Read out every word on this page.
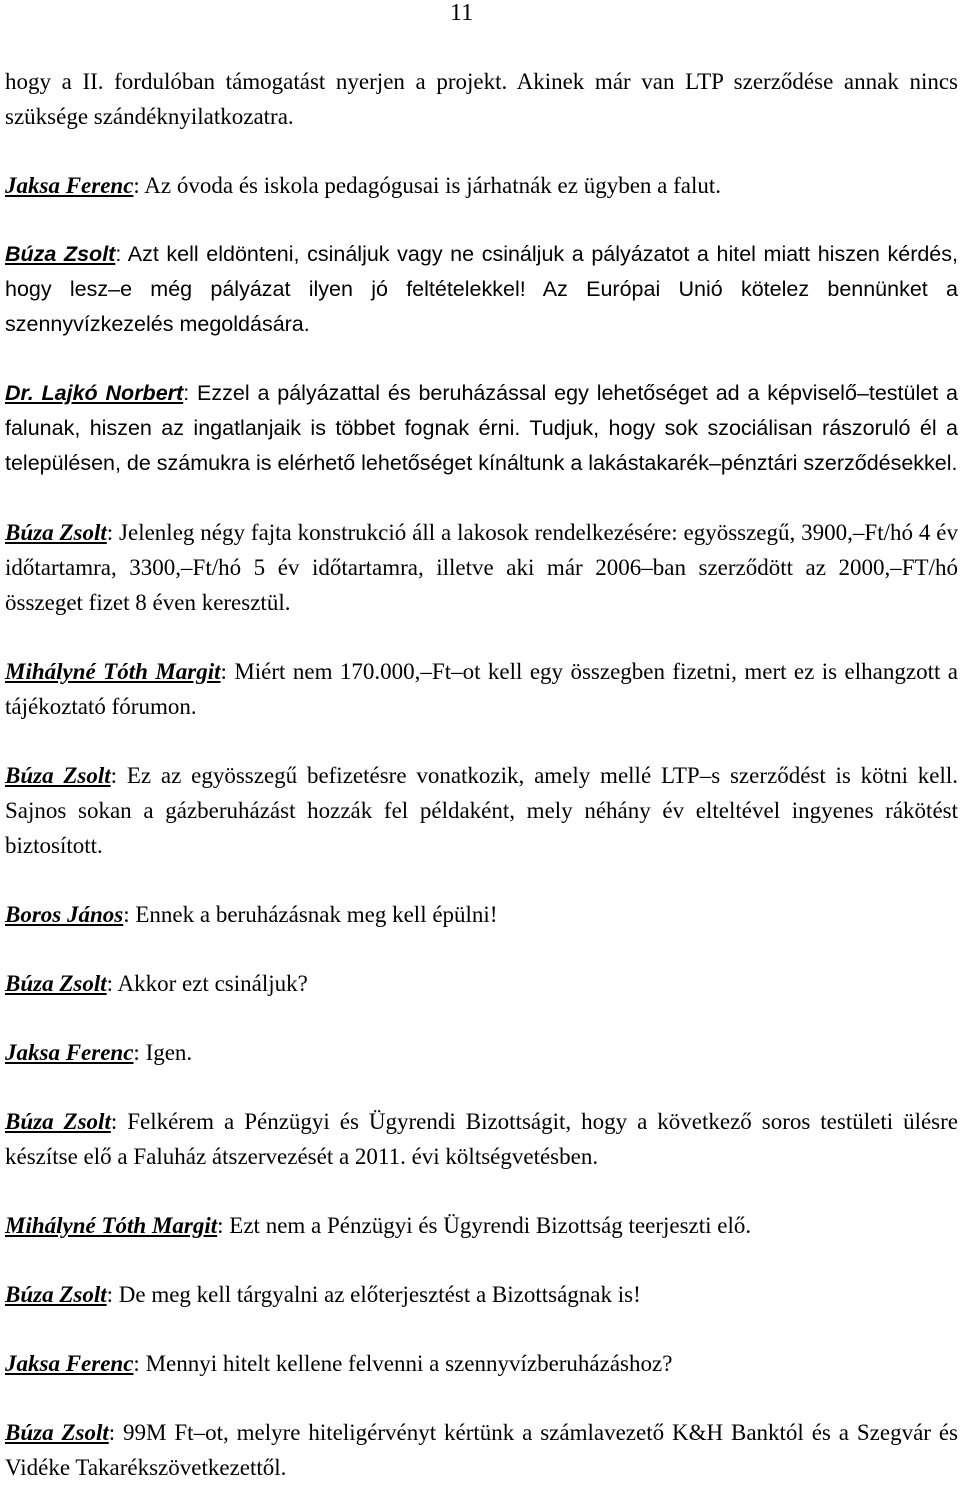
11

hogy a II. fordulóban támogatást nyerjen a projekt. Akinek már van LTP szerződése annak nincs szüksége szándéknyilatkozatra.

Jaksa Ferenc: Az óvoda és iskola pedagógusai is járhatnák ez ügyben a falut.

Búza Zsolt: Azt kell eldönteni, csináljuk vagy ne csináljuk a pályázatot a hitel miatt hiszen kérdés, hogy lesz–e még pályázat ilyen jó feltételekkel! Az Európai Unió kötelez bennünket a szennyvízkezelés megoldására.

Dr. Lajkó Norbert: Ezzel a pályázattal és beruházással egy lehetőséget ad a képviselő–testület a falunak, hiszen az ingatlanjaik is többet fognak érni. Tudjuk, hogy sok szociálisan rászoruló él a településen, de számukra is elérhető lehetőséget kínáltunk a lakástakarék–pénztári szerződésekkel.

Búza Zsolt: Jelenleg négy fajta konstrukció áll a lakosok rendelkezésére: egyösszegű, 3900,–Ft/hó 4 év időtartamra, 3300,–Ft/hó 5 év időtartamra, illetve aki már 2006–ban szerződött az 2000,–FT/hó összeget fizet 8 éven keresztül.

Mihályné Tóth Margit: Miért nem 170.000,–Ft–ot kell egy összegben fizetni, mert ez is elhangzott a tájékoztató fórumon.

Búza Zsolt: Ez az egyösszegű befizetésre vonatkozik, amely mellé LTP–s szerződést is kötni kell. Sajnos sokan a gázberuházást hozzák fel példaként, mely néhány év elteltével ingyenes rákötést biztosított.

Boros János: Ennek a beruházásnak meg kell épülni!

Búza Zsolt: Akkor ezt csináljuk?

Jaksa Ferenc: Igen.

Búza Zsolt: Felkérem a Pénzügyi és Ügyrendi Bizottságit, hogy a következő soros testületi ülésre készítse elő a Faluház átszervezését a 2011. évi költségvetésben.

Mihályné Tóth Margit: Ezt nem a Pénzügyi és Ügyrendi Bizottság teerjeszti elő.

Búza Zsolt: De meg kell tárgyalni az előterjesztést a Bizottságnak is!

Jaksa Ferenc: Mennyi hitelt kellene felvenni a szennyvízberuházáshoz?

Búza Zsolt: 99M Ft–ot, melyre hiteligérvényt kértünk a számlavezető K&H Banktól és a Szegvár és Vidéke Takarékszövetkezettől.
